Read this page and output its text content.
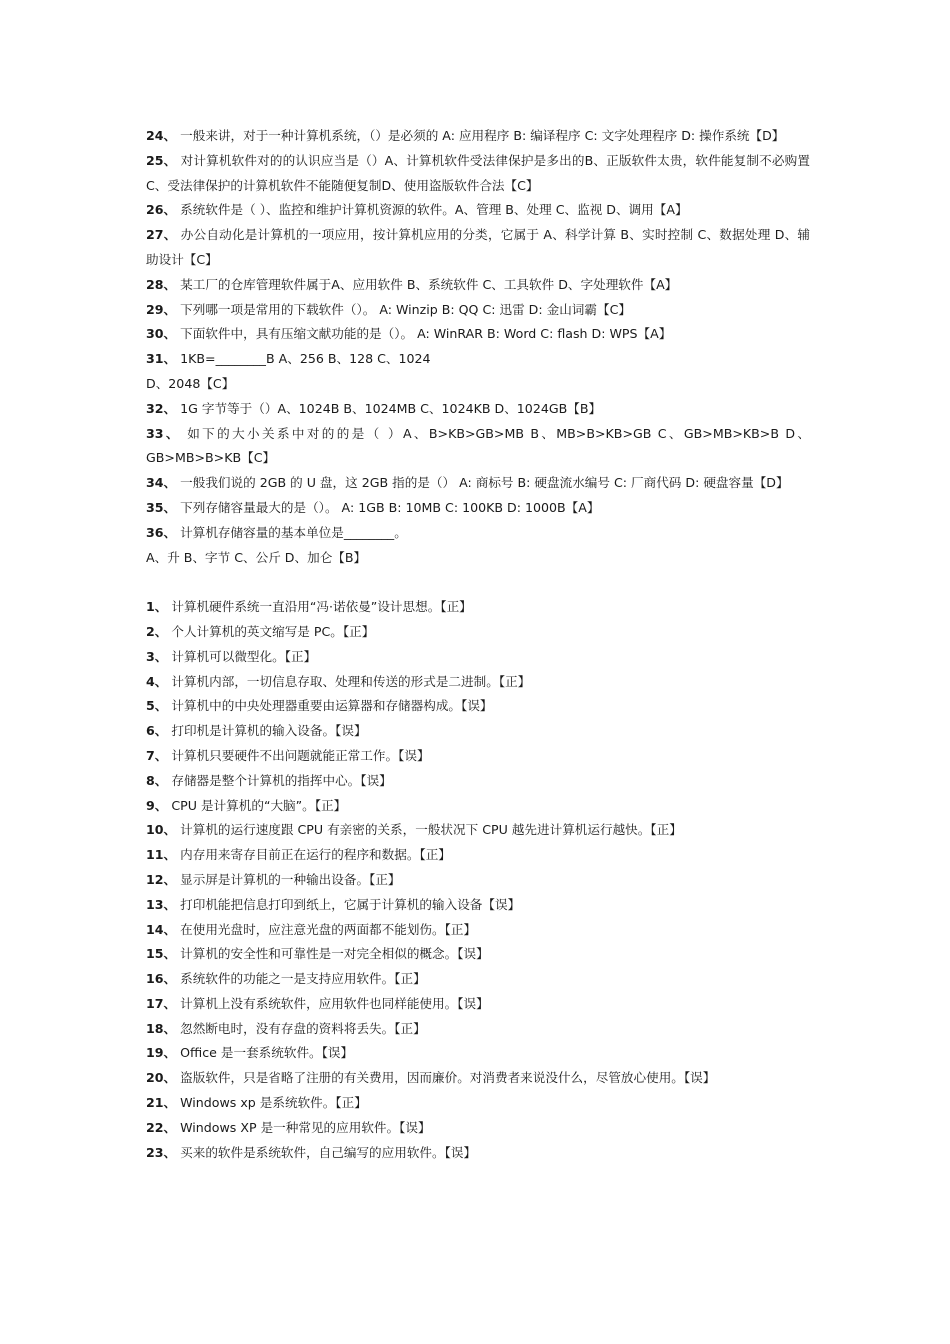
24、 一般来讲，对于一种计算机系统，（）是必须的 A: 应用程序 B: 编译程序 C: 文字处理程序 D: 操作系统【D】

25、 对计算机软件对的的认识应当是（）A、计算机软件受法律保护是多出的B、正版软件太贵，软件能复制不必购置C、受法律保护的计算机软件不能随便复制D、使用盗版软件合法【C】

26、 系统软件是（ ）、监控和维护计算机资源的软件。A、管理 B、处理 C、监视 D、调用【A】

27、 办公自动化是计算机的一项应用，按计算机应用的分类，它属于 A、科学计算 B、实时控制 C、数据处理 D、辅助设计【C】

28、 某工厂的仓库管理软件属于A、应用软件 B、系统软件 C、工具软件 D、字处理软件【A】

29、 下列哪一项是常用的下载软件（）。 A: Winzip B: QQ C: 迅雷 D: 金山词霸【C】

30、 下面软件中，具有压缩文献功能的是（）。 A: WinRAR B: Word C: flash D: WPS【A】

31、 1KB=________B A、256 B、128 C、1024

D、2048【C】

32、 1G 字节等于（）A、1024B B、1024MB C、1024KB D、1024GB【B】

33、 如下的大小关系中对的的是（ ）A、B>KB>GB>MB B、MB>B>KB>GB C、GB>MB>KB>B D、GB>MB>B>KB【C】

34、 一般我们说的 2GB 的 U 盘，这 2GB 指的是（） A: 商标号 B: 硬盘流水编号 C: 厂商代码 D: 硬盘容量【D】

35、 下列存储容量最大的是（）。 A: 1GB B: 10MB C: 100KB D: 1000B【A】

36、 计算机存储容量的基本单位是________。

A、升 B、字节 C、公斤 D、加仑【B】

1、 计算机硬件系统一直沿用“冯·诺依曼”设计思想。【正】

2、 个人计算机的英文缩写是 PC。【正】

3、 计算机可以微型化。【正】

4、 计算机内部，一切信息存取、处理和传送的形式是二进制。【正】

5、 计算机中的中央处理器重要由运算器和存储器构成。【误】

6、 打印机是计算机的输入设备。【误】

7、 计算机只要硬件不出问题就能正常工作。【误】

8、 存储器是整个计算机的指挥中心。【误】

9、 CPU 是计算机的“大脑”。【正】

10、 计算机的运行速度跟 CPU 有亲密的关系，一般状况下 CPU 越先进计算机运行越快。【正】

11、 内存用来寄存目前正在运行的程序和数据。【正】

12、 显示屏是计算机的一种输出设备。【正】

13、 打印机能把信息打印到纸上，它属于计算机的输入设备【误】

14、 在使用光盘时，应注意光盘的两面都不能划伤。【正】

15、 计算机的安全性和可靠性是一对完全相似的概念。【误】

16、 系统软件的功能之一是支持应用软件。【正】

17、 计算机上没有系统软件，应用软件也同样能使用。【误】

18、 忽然断电时，没有存盘的资料将丢失。【正】

19、 Office 是一套系统软件。【误】

20、 盗版软件，只是省略了注册的有关费用，因而廉价。对消费者来说没什么，尽管放心使用。【误】

21、 Windows xp 是系统软件。【正】

22、 Windows XP 是一种常见的应用软件。【误】

23、 买来的软件是系统软件，自己编写的应用软件。【误】
